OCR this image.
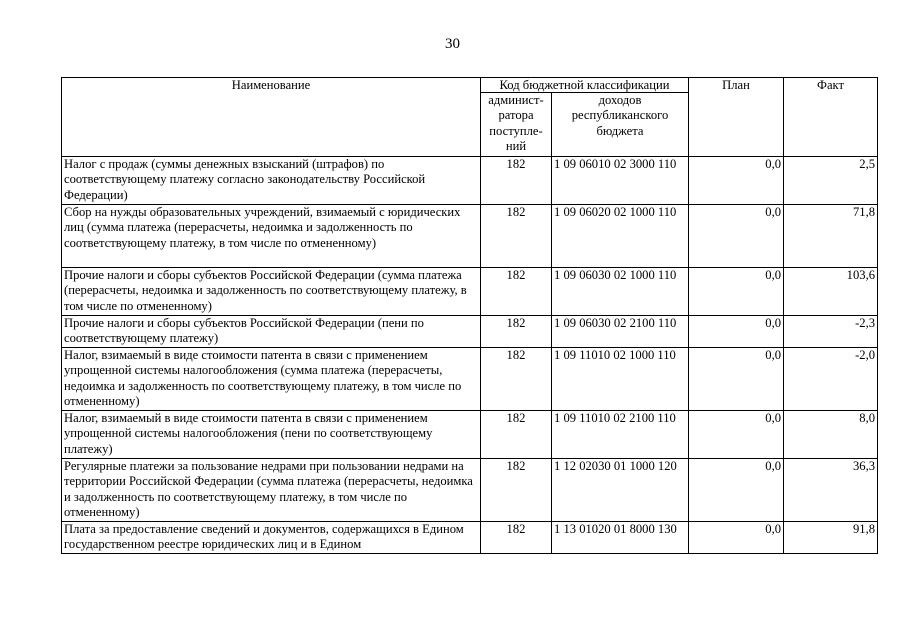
30
Наименование	Код бюджетной классификации		План	Факт
	админист-ратора поступле-ний	доходов республиканского бюджета		
Налог с продаж (суммы денежных взысканий (штрафов) по соответствующему платежу согласно законодательству Российской Федерации)	182	1 09 06010 02 3000 110	0,0	2,5
Сбор на нужды образовательных учреждений, взимаемый с юридических лиц (сумма платежа (перерасчеты, недоимка и задолженность по соответствующему платежу, в том числе по отмененному)	182	1 09 06020 02 1000 110	0,0	71,8
Прочие налоги и сборы субъектов Российской Федерации (сумма платежа (перерасчеты, недоимка и задолженность по соответствующему платежу, в том числе по отмененному)	182	1 09 06030 02 1000 110	0,0	103,6
Прочие налоги и сборы субъектов Российской Федерации (пени по соответствующему платежу)	182	1 09 06030 02 2100 110	0,0	-2,3
Налог, взимаемый в виде стоимости патента в связи с применением упрощенной системы налогообложения (сумма платежа (перерасчеты, недоимка и задолженность по соответствующему платежу, в том числе по отмененному)	182	1 09 11010 02 1000 110	0,0	-2,0
Налог, взимаемый в виде стоимости патента в связи с применением упрощенной системы налогообложения (пени по соответствующему платежу)	182	1 09 11010 02 2100 110	0,0	8,0
Регулярные платежи за пользование недрами при пользовании недрами на территории Российской Федерации (сумма платежа (перерасчеты, недоимка и задолженность по соответствующему платежу, в том числе по отмененному)	182	1 12 02030 01 1000 120	0,0	36,3
Плата за предоставление сведений и документов, содержащихся в Едином государственном реестре юридических лиц и в Едином	182	1 13 01020 01 8000 130	0,0	91,8
